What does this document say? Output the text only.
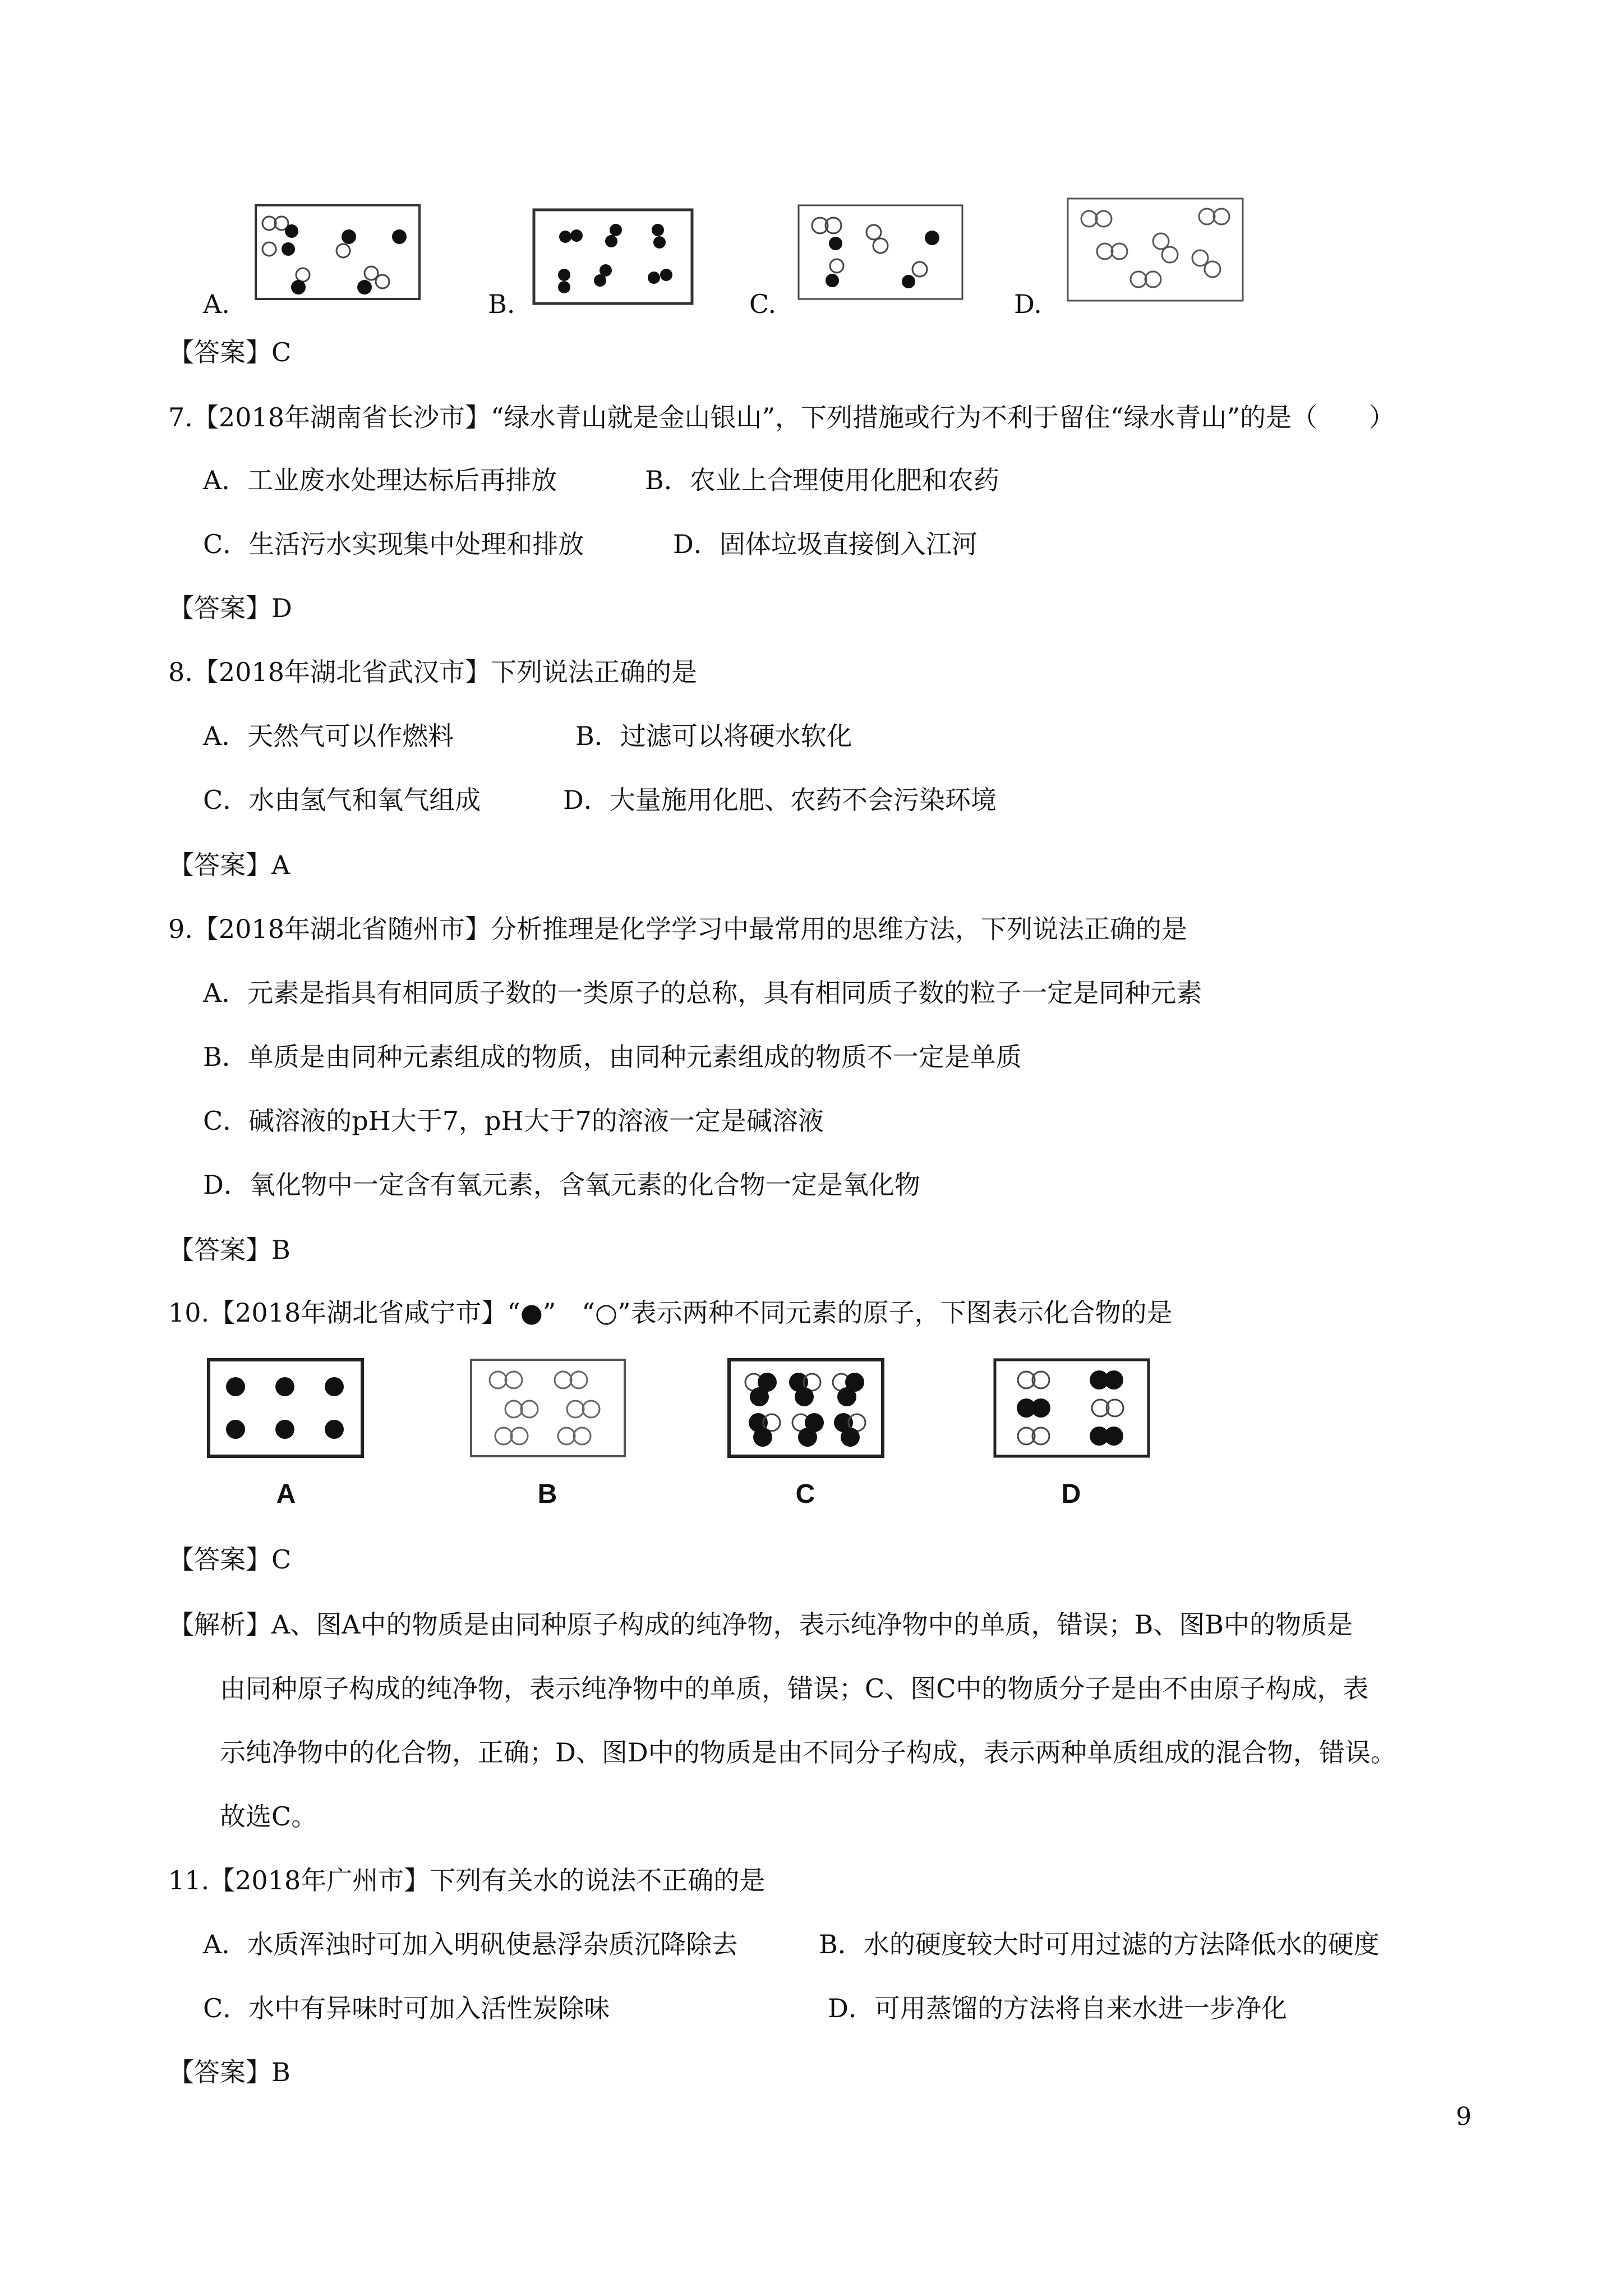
A.	B.	C.	D.
【答案】C
7.【2018年湖南省长沙市】“绿水青山就是金山银山”，下列措施或行为不利于留住“绿水青山”的是（　　）
A．工业废水处理达标后再排放	B．农业上合理使用化肥和农药
C．生活污水实现集中处理和排放	D．固体垃圾直接倒入江河
【答案】D
8.【2018年湖北省武汉市】下列说法正确的是
A．天然气可以作燃料	B．过滤可以将硬水软化
C．水由氢气和氧气组成	D．大量施用化肥、农药不会污染环境
【答案】A
9.【2018年湖北省随州市】分析推理是化学学习中最常用的思维方法，下列说法正确的是
A．元素是指具有相同质子数的一类原子的总称，具有相同质子数的粒子一定是同种元素
B．单质是由同种元素组成的物质，由同种元素组成的物质不一定是单质
C．碱溶液的pH大于7，pH大于7的溶液一定是碱溶液
D．氧化物中一定含有氧元素，含氧元素的化合物一定是氧化物
【答案】B
10.【2018年湖北省咸宁市】“●”　“○”表示两种不同元素的原子，下图表示化合物的是
A	B	C	D
【答案】C
【解析】A、图A中的物质是由同种原子构成的纯净物，表示纯净物中的单质，错误；B、图B中的物质是
由同种原子构成的纯净物，表示纯净物中的单质，错误；C、图C中的物质分子是由不由原子构成，表
示纯净物中的化合物，正确；D、图D中的物质是由不同分子构成，表示两种单质组成的混合物，错误。
故选C。
11.【2018年广州市】下列有关水的说法不正确的是
A．水质浑浊时可加入明矾使悬浮杂质沉降除去	B．水的硬度较大时可用过滤的方法降低水的硬度
C．水中有异味时可加入活性炭除味	D．可用蒸馏的方法将自来水进一步净化
【答案】B
9
